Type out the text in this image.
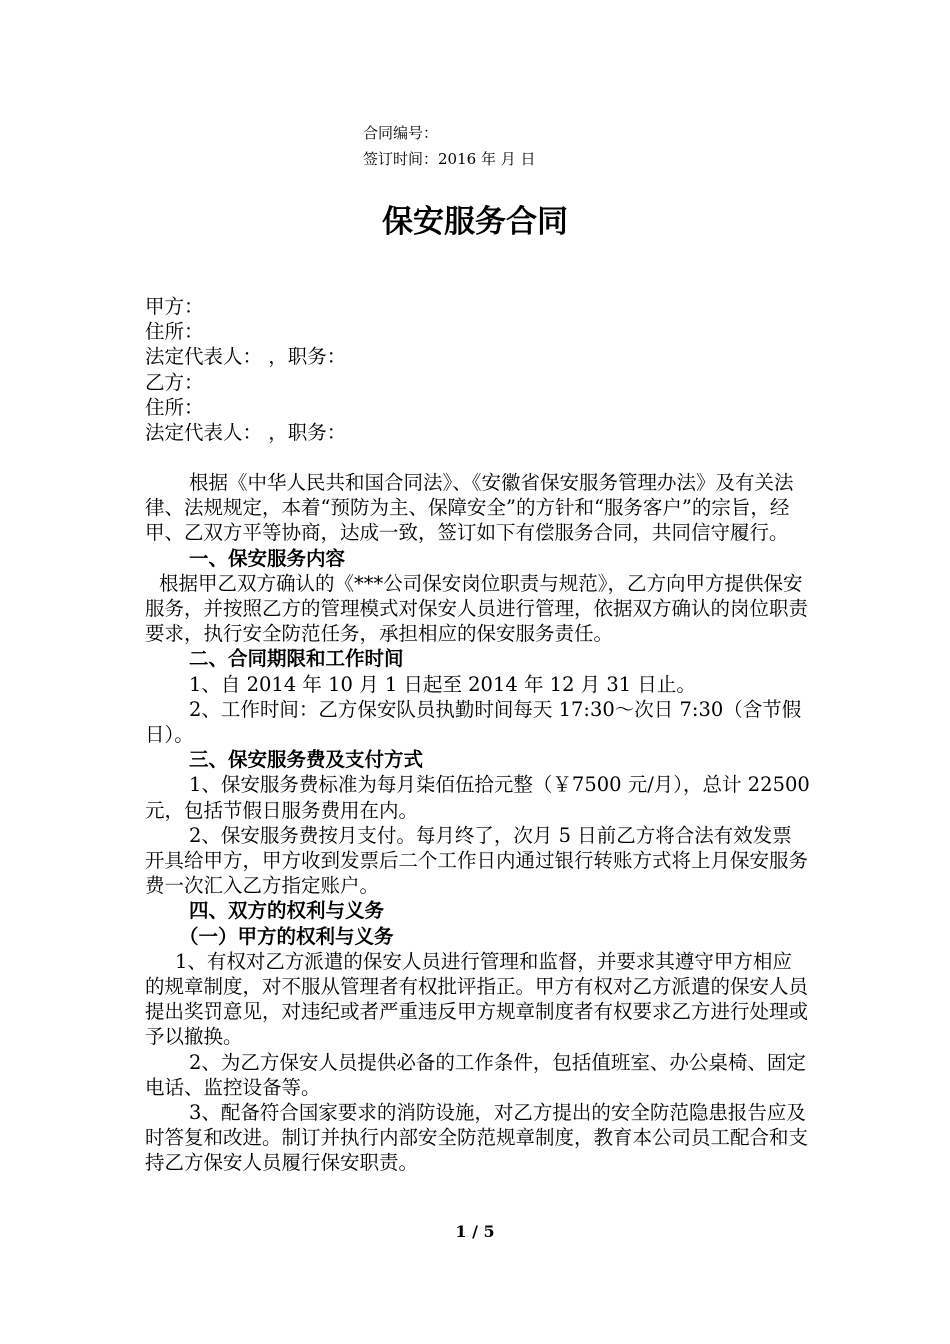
合同编号：
签订时间：2016 年 月 日
保安服务合同

甲方：

住所：

法定代表人： ，职务：

乙方：

住所：

法定代表人： ，职务：

根据《中华人民共和国合同法》、《安徽省保安服务管理办法》及有关法律、法规规定，本着“预防为主、保障安全”的方针和“服务客户”的宗旨，经甲、乙双方平等协商，达成一致，签订如下有偿服务合同，共同信守履行。

一、保安服务内容

根据甲乙双方确认的《***公司保安岗位职责与规范》，乙方向甲方提供保安服务，并按照乙方的管理模式对保安人员进行管理，依据双方确认的岗位职责要求，执行安全防范任务，承担相应的保安服务责任。

二、合同期限和工作时间

1、自 2014 年 10 月 1 日起至 2014 年 12 月 31 日止。

2、工作时间：乙方保安队员执勤时间每天 17:30～次日 7:30（含节假日）。

三、保安服务费及支付方式

1、保安服务费标准为每月柒佰伍拾元整（￥7500 元/月），总计 22500 元，包括节假日服务费用在内。

2、保安服务费按月支付。每月终了，次月 5 日前乙方将合法有效发票开具给甲方，甲方收到发票后二个工作日内通过银行转账方式将上月保安服务费一次汇入乙方指定账户。

四、双方的权利与义务

（一）甲方的权利与义务

1、有权对乙方派遣的保安人员进行管理和监督，并要求其遵守甲方相应的规章制度，对不服从管理者有权批评指正。甲方有权对乙方派遣的保安人员提出奖罚意见，对违纪或者严重违反甲方规章制度者有权要求乙方进行处理或予以撤换。

2、为乙方保安人员提供必备的工作条件，包括值班室、办公桌椅、固定电话、监控设备等。

3、配备符合国家要求的消防设施，对乙方提出的安全防范隐患报告应及时答复和改进。制订并执行内部安全防范规章制度，教育本公司员工配合和支持乙方保安人员履行保安职责。

1 / 5
